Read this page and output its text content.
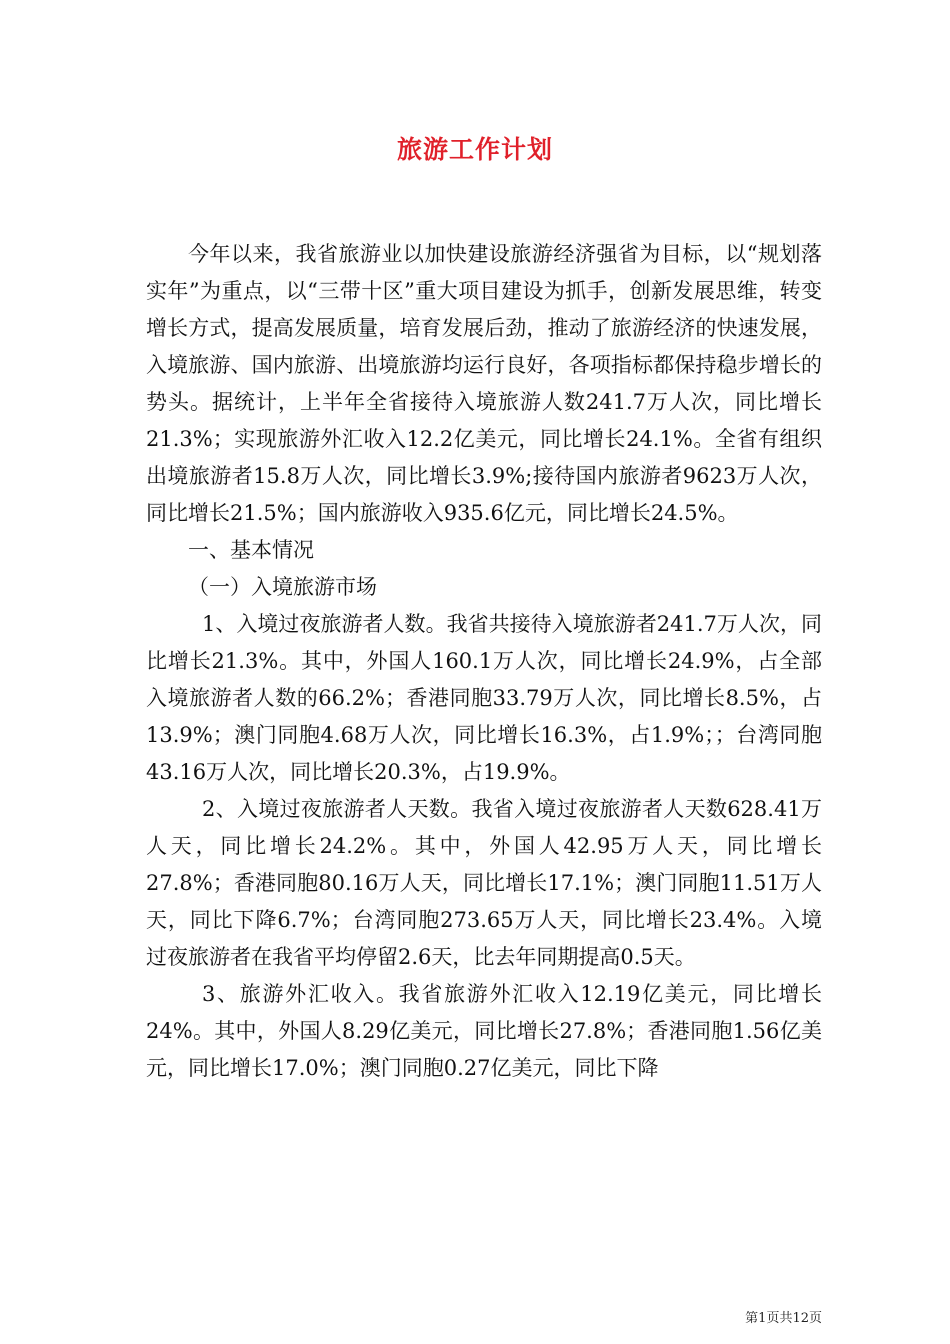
旅游工作计划

今年以来，我省旅游业以加快建设旅游经济强省为目标，以“规划落实年”为重点，以“三带十区”重大项目建设为抓手，创新发展思维，转变增长方式，提高发展质量，培育发展后劲，推动了旅游经济的快速发展，入境旅游、国内旅游、出境旅游均运行良好，各项指标都保持稳步增长的势头。据统计，上半年全省接待入境旅游人数241.7万人次，同比增长21.3%；实现旅游外汇收入12.2亿美元，同比增长24.1%。全省有组织出境旅游者15.8万人次，同比增长3.9%;接待国内旅游者9623万人次，同比增长21.5%；国内旅游收入935.6亿元，同比增长24.5%。

一、基本情况

（一）入境旅游市场

1、入境过夜旅游者人数。我省共接待入境旅游者241.7万人次，同比增长21.3%。其中，外国人160.1万人次，同比增长24.9%，占全部入境旅游者人数的66.2%；香港同胞33.79万人次，同比增长8.5%，占13.9%；澳门同胞4.68万人次，同比增长16.3%，占1.9%；；台湾同胞43.16万人次，同比增长20.3%，占19.9%。

2、入境过夜旅游者人天数。我省入境过夜旅游者人天数628.41万人天，同比增长24.2%。其中，外国人42.95万人天，同比增长27.8%；香港同胞80.16万人天，同比增长17.1%；澳门同胞11.51万人天，同比下降6.7%；台湾同胞273.65万人天，同比增长23.4%。入境过夜旅游者在我省平均停留2.6天，比去年同期提高0.5天。

3、旅游外汇收入。我省旅游外汇收入12.19亿美元，同比增长24%。其中，外国人8.29亿美元，同比增长27.8%；香港同胞1.56亿美元，同比增长17.0%；澳门同胞0.27亿美元，同比下降

第1页共12页
